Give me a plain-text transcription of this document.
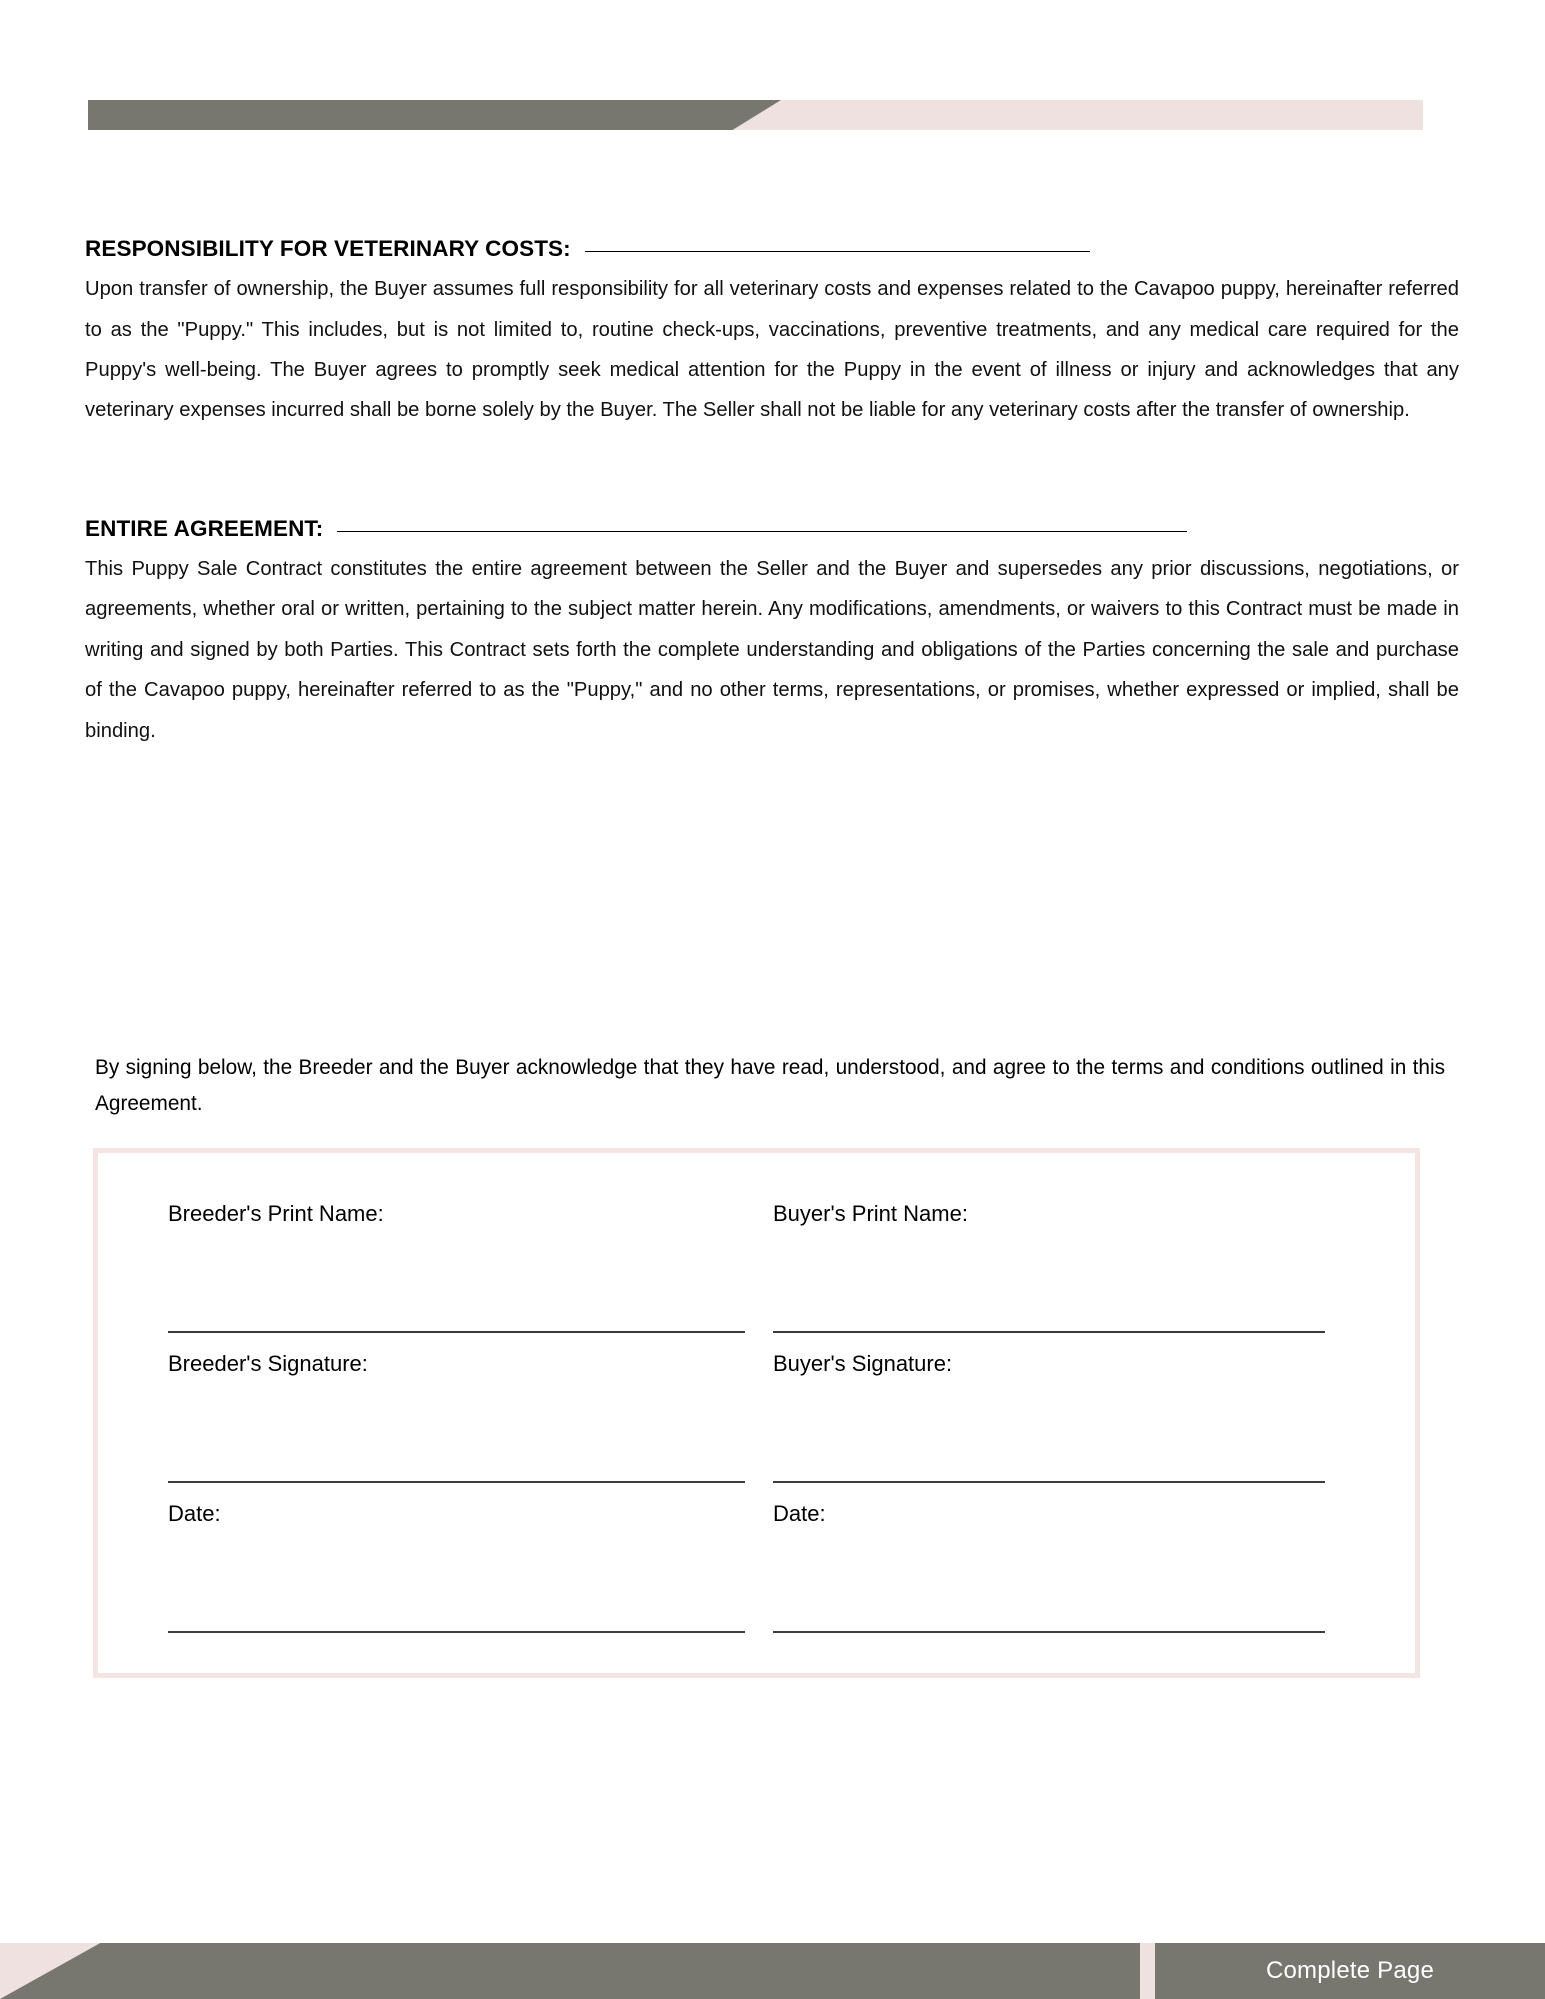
RESPONSIBILITY FOR VETERINARY COSTS:

Upon transfer of ownership, the Buyer assumes full responsibility for all veterinary costs and expenses related to the Cavapoo puppy, hereinafter referred to as the "Puppy." This includes, but is not limited to, routine check-ups, vaccinations, preventive treatments, and any medical care required for the Puppy's well-being. The Buyer agrees to promptly seek medical attention for the Puppy in the event of illness or injury and acknowledges that any veterinary expenses incurred shall be borne solely by the Buyer. The Seller shall not be liable for any veterinary costs after the transfer of ownership.

ENTIRE AGREEMENT:

This Puppy Sale Contract constitutes the entire agreement between the Seller and the Buyer and supersedes any prior discussions, negotiations, or agreements, whether oral or written, pertaining to the subject matter herein. Any modifications, amendments, or waivers to this Contract must be made in writing and signed by both Parties. This Contract sets forth the complete understanding and obligations of the Parties concerning the sale and purchase of the Cavapoo puppy, hereinafter referred to as the "Puppy," and no other terms, representations, or promises, whether expressed or implied, shall be binding.

By signing below, the Breeder and the Buyer acknowledge that they have read, understood, and agree to the terms and conditions outlined in this Agreement.

Breeder's Print Name:	Buyer's Print Name:
Breeder's Signature:	Buyer's Signature:
Date:	Date:
Complete Page
